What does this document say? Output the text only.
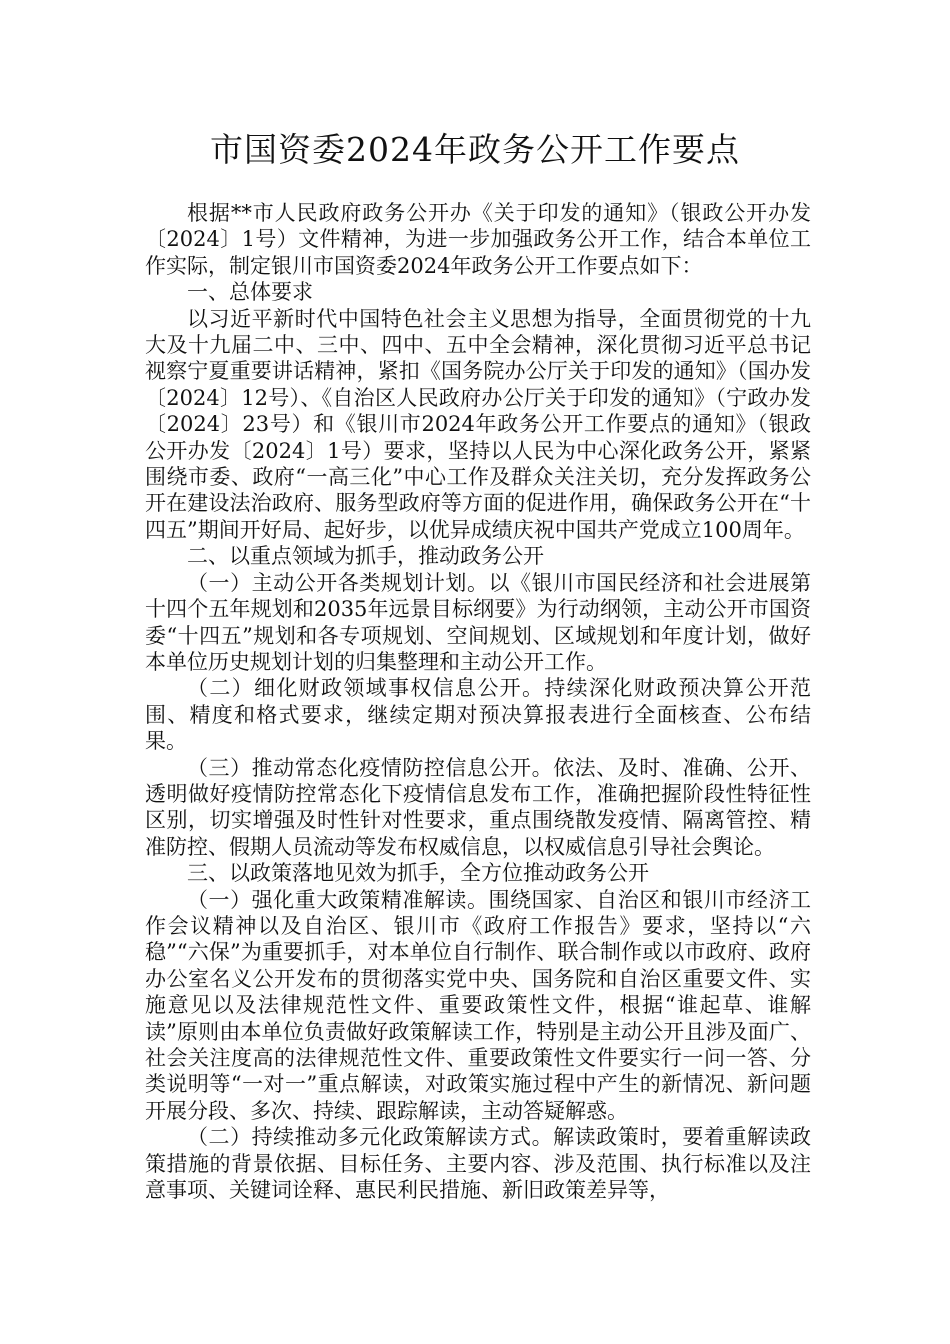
市国资委2024年政务公开工作要点

根据**市人民政府政务公开办《关于印发的通知》（银政公开办发〔2024〕1号）文件精神，为进一步加强政务公开工作，结合本单位工作实际，制定银川市国资委2024年政务公开工作要点如下：

一、总体要求

以习近平新时代中国特色社会主义思想为指导，全面贯彻党的十九大及十九届二中、三中、四中、五中全会精神，深化贯彻习近平总书记视察宁夏重要讲话精神，紧扣《国务院办公厅关于印发的通知》（国办发〔2024〕12号）、《自治区人民政府办公厅关于印发的通知》（宁政办发〔2024〕23号）和《银川市2024年政务公开工作要点的通知》（银政公开办发〔2024〕1号）要求，坚持以人民为中心深化政务公开，紧紧围绕市委、政府“一高三化”中心工作及群众关注关切，充分发挥政务公开在建设法治政府、服务型政府等方面的促进作用，确保政务公开在“十四五”期间开好局、起好步，以优异成绩庆祝中国共产党成立100周年。

二、以重点领域为抓手，推动政务公开

（一）主动公开各类规划计划。以《银川市国民经济和社会进展第十四个五年规划和2035年远景目标纲要》为行动纲领，主动公开市国资委“十四五”规划和各专项规划、空间规划、区域规划和年度计划，做好本单位历史规划计划的归集整理和主动公开工作。

（二）细化财政领域事权信息公开。持续深化财政预决算公开范围、精度和格式要求，继续定期对预决算报表进行全面核查、公布结果。

（三）推动常态化疫情防控信息公开。依法、及时、准确、公开、透明做好疫情防控常态化下疫情信息发布工作，准确把握阶段性特征性区别，切实增强及时性针对性要求，重点围绕散发疫情、隔离管控、精准防控、假期人员流动等发布权威信息，以权威信息引导社会舆论。

三、以政策落地见效为抓手，全方位推动政务公开

（一）强化重大政策精准解读。围绕国家、自治区和银川市经济工作会议精神以及自治区、银川市《政府工作报告》要求，坚持以“六稳”“六保”为重要抓手，对本单位自行制作、联合制作或以市政府、政府办公室名义公开发布的贯彻落实党中央、国务院和自治区重要文件、实施意见以及法律规范性文件、重要政策性文件，根据“谁起草、谁解读”原则由本单位负责做好政策解读工作，特别是主动公开且涉及面广、社会关注度高的法律规范性文件、重要政策性文件要实行一问一答、分类说明等“一对一”重点解读，对政策实施过程中产生的新情况、新问题开展分段、多次、持续、跟踪解读，主动答疑解惑。

（二）持续推动多元化政策解读方式。解读政策时，要着重解读政策措施的背景依据、目标任务、主要内容、涉及范围、执行标准以及注意事项、关键词诠释、惠民利民措施、新旧政策差异等，
